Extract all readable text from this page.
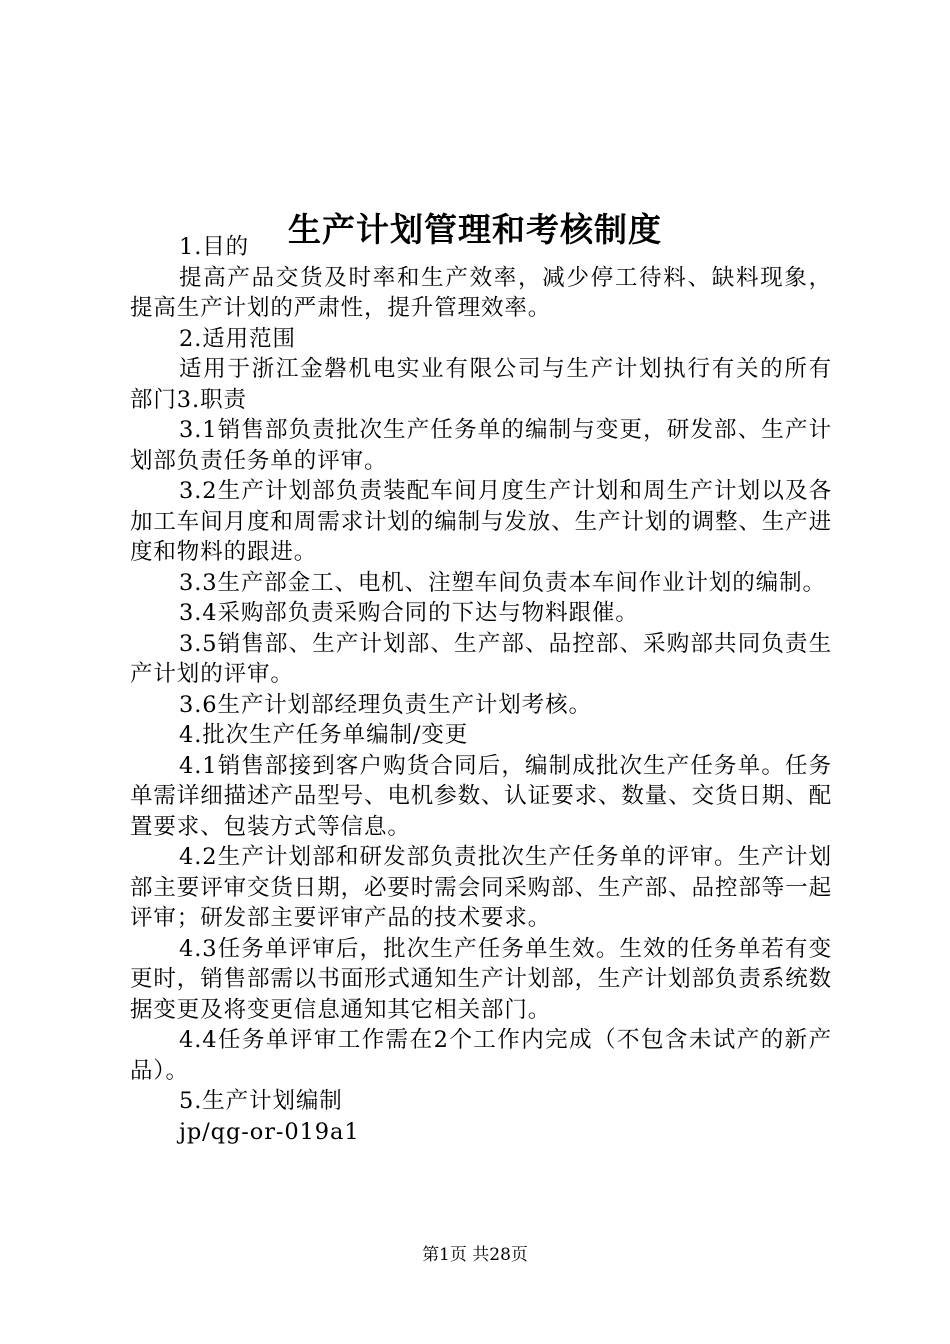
生产计划管理和考核制度

1.目的

提高产品交货及时率和生产效率，减少停工待料、缺料现象，提高生产计划的严肃性，提升管理效率。

2.适用范围

适用于浙江金磐机电实业有限公司与生产计划执行有关的所有部门3.职责

3.1销售部负责批次生产任务单的编制与变更，研发部、生产计划部负责任务单的评审。

3.2生产计划部负责装配车间月度生产计划和周生产计划以及各加工车间月度和周需求计划的编制与发放、生产计划的调整、生产进度和物料的跟进。

3.3生产部金工、电机、注塑车间负责本车间作业计划的编制。

3.4采购部负责采购合同的下达与物料跟催。

3.5销售部、生产计划部、生产部、品控部、采购部共同负责生产计划的评审。

3.6生产计划部经理负责生产计划考核。

4.批次生产任务单编制/变更

4.1销售部接到客户购货合同后，编制成批次生产任务单。任务单需详细描述产品型号、电机参数、认证要求、数量、交货日期、配置要求、包装方式等信息。

4.2生产计划部和研发部负责批次生产任务单的评审。生产计划部主要评审交货日期，必要时需会同采购部、生产部、品控部等一起评审；研发部主要评审产品的技术要求。

4.3任务单评审后，批次生产任务单生效。生效的任务单若有变更时，销售部需以书面形式通知生产计划部，生产计划部负责系统数据变更及将变更信息通知其它相关部门。

4.4任务单评审工作需在2个工作内完成（不包含未试产的新产品）。

5.生产计划编制

jp/qg-or-019a1

第1页 共28页
